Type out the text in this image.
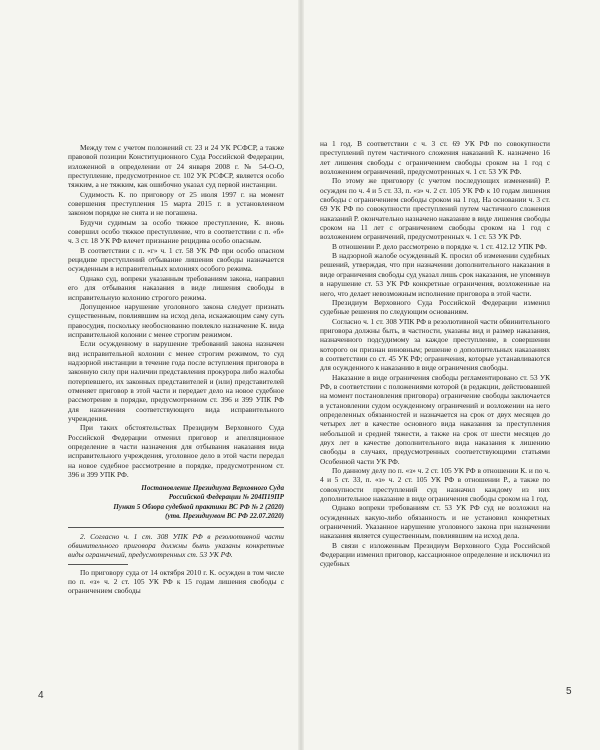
Между тем с учетом положений ст. 23 и 24 УК РСФСР, а также правовой позиции Конституционного Суда Российской Федерации, изложенной в определении от 24 января 2008 г. № 54-О-О, преступление, предусмотренное ст. 102 УК РСФСР, является особо тяжким, а не тяжким, как ошибочно указал суд первой инстанции.

Судимость К. по приговору от 25 июля 1997 г. на момент совершения преступления 15 марта 2015 г. в установленном законом порядке не снята и не погашена.

Будучи судимым за особо тяжкое преступление, К. вновь совершил особо тяжкое преступление, что в соответствии с п. «б» ч. 3 ст. 18 УК РФ влечет признание рецидива особо опасным.

В соответствии с п. «г» ч. 1 ст. 58 УК РФ при особо опасном рецидиве преступлений отбывание лишения свободы назначается осужденным в исправительных колониях особого режима.

Однако суд, вопреки указанным требованиям закона, направил его для отбывания наказания в виде лишения свободы в исправительную колонию строгого режима.

Допущенное нарушение уголовного закона следует признать существенным, повлиявшим на исход дела, искажающим саму суть правосудия, поскольку необоснованно повлекло назначение К. вида исправительной колонии с менее строгим режимом.

Если осужденному в нарушение требований закона назначен вид исправительной колонии с менее строгим режимом, то суд надзорной инстанции в течение года после вступления приговора в законную силу при наличии представления прокурора либо жалобы потерпевшего, их законных представителей и (или) представителей отменяет приговор в этой части и передает дело на новое судебное рассмотрение в порядке, предусмотренном ст. 396 и 399 УПК РФ для назначения соответствующего вида исправительного учреждения.

При таких обстоятельствах Президиум Верховного Суда Российской Федерации отменил приговор и апелляционное определение в части назначения для отбывания наказания вида исправительного учреждения, уголовное дело в этой части передал на новое судебное рассмотрение в порядке, предусмотренном ст. 396 и 399 УПК РФ.

Постановление Президиума Верховного Суда
Российской Федерации № 204П19ПР
Пункт 5 Обзора судебной практики ВС РФ № 2 (2020)
(утв. Президиумом ВС РФ 22.07.2020)

2. Согласно ч. 1 ст. 308 УПК РФ в резолютивной части обвинительного приговора должны быть указаны конкретные виды ограничений, предусмотренных ст. 53 УК РФ.

По приговору суда от 14 октября 2010 г. К. осужден в том числе по п. «з» ч. 2 ст. 105 УК РФ к 15 годам лишения свободы с ограничением свободы

4

на 1 год. В соответствии с ч. 3 ст. 69 УК РФ по совокупности преступлений путем частичного сложения наказаний К. назначено 16 лет лишения свободы с ограничением свободы сроком на 1 год с возложением ограничений, предусмотренных ч. 1 ст. 53 УК РФ.

По этому же приговору (с учетом последующих изменений) Р. осужден по ч. 4 и 5 ст. 33, п. «з» ч. 2 ст. 105 УК РФ к 10 годам лишения свободы с ограничением свободы сроком на 1 год. На основании ч. 3 ст. 69 УК РФ по совокупности преступлений путем частичного сложения наказаний Р. окончательно назначено наказание в виде лишения свободы сроком на 11 лет с ограничением свободы сроком на 1 год с возложением ограничений, предусмотренных ч. 1 ст. 53 УК РФ.

В отношении Р. дело рассмотрено в порядке ч. 1 ст. 412.12 УПК РФ.

В надзорной жалобе осужденный К. просил об изменении судебных решений, утверждая, что при назначении дополнительного наказания в виде ограничения свободы суд указал лишь срок наказания, не упомянув в нарушение ст. 53 УК РФ конкретные ограничения, возложенные на него, что делает невозможным исполнение приговора в этой части.

Президиум Верховного Суда Российской Федерации изменил судебные решения по следующим основаниям.

Согласно ч. 1 ст. 308 УПК РФ в резолютивной части обвинительного приговора должны быть, в частности, указаны вид и размер наказания, назначенного подсудимому за каждое преступление, в совершении которого он признан виновным; решение о дополнительных наказаниях в соответствии со ст. 45 УК РФ; ограничения, которые устанавливаются для осужденного к наказанию в виде ограничения свободы.

Наказание в виде ограничения свободы регламентировано ст. 53 УК РФ, в соответствии с положениями которой (в редакции, действовавшей на момент постановления приговора) ограничение свободы заключается в установлении судом осужденному ограничений и возложении на него определенных обязанностей и назначается на срок от двух месяцев до четырех лет в качестве основного вида наказания за преступления небольшой и средней тяжести, а также на срок от шести месяцев до двух лет в качестве дополнительного вида наказания к лишению свободы в случаях, предусмотренных соответствующими статьями Особенной части УК РФ.

По данному делу по п. «з» ч. 2 ст. 105 УК РФ в отношении К. и по ч. 4 и 5 ст. 33, п. «з» ч. 2 ст. 105 УК РФ в отношении Р., а также по совокупности преступлений суд назначил каждому из них дополнительное наказание в виде ограничения свободы сроком на 1 год.

Однако вопреки требованиям ст. 53 УК РФ суд не возложил на осужденных какую-либо обязанность и не установил конкретных ограничений. Указанное нарушение уголовного закона при назначении наказания является существенным, повлиявшим на исход дела.

В связи с изложенным Президиум Верховного Суда Российской Федерации изменил приговор, кассационное определение и исключил из судебных

5
